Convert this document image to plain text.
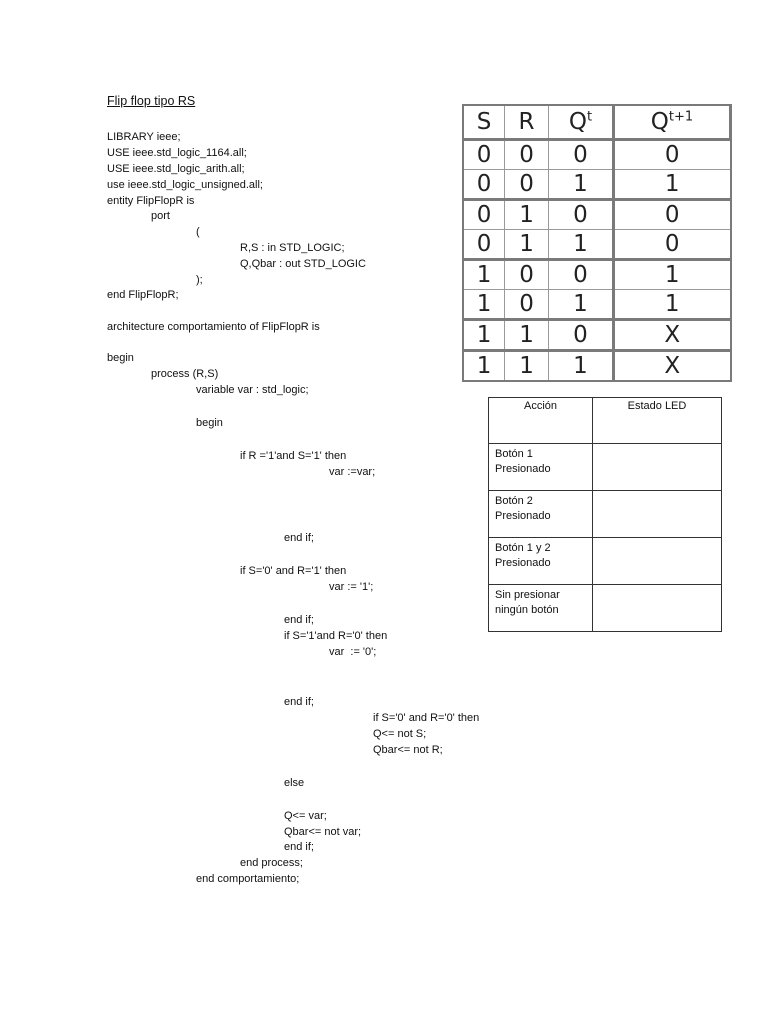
Flip flop tipo RS
LIBRARY ieee;
USE ieee.std_logic_1164.all;
USE ieee.std_logic_arith.all;
use ieee.std_logic_unsigned.all;
entity FlipFlopR is
port
(
R,S : in STD_LOGIC;
Q,Qbar : out STD_LOGIC
);
end FlipFlopR;
architecture comportamiento of FlipFlopR is
begin
process (R,S)
variable var : std_logic;
begin
if R ='1'and S='1' then
var :=var;
end if;
if S='0' and R='1' then
var := '1';
end if;
if S='1'and R='0' then
var  := '0';
end if;
if S='0' and R='0' then
Q<= not S;
Qbar<= not R;
else
Q<= var;
Qbar<= not var;
end if;
end process;
end comportamiento;
S	R	$Q^t$	$Q^{t+1}$
0	0	0	0
0	0	1	1
0	1	0	0
0	1	1	0
1	0	0	1
1	0	1	1
1	1	0	X
1	1	1	X
Acción	Estado LED
Botón 1
Presionado	
Botón 2
Presionado	
Botón 1 y 2
Presionado	
Sin presionar
ningún botón	
